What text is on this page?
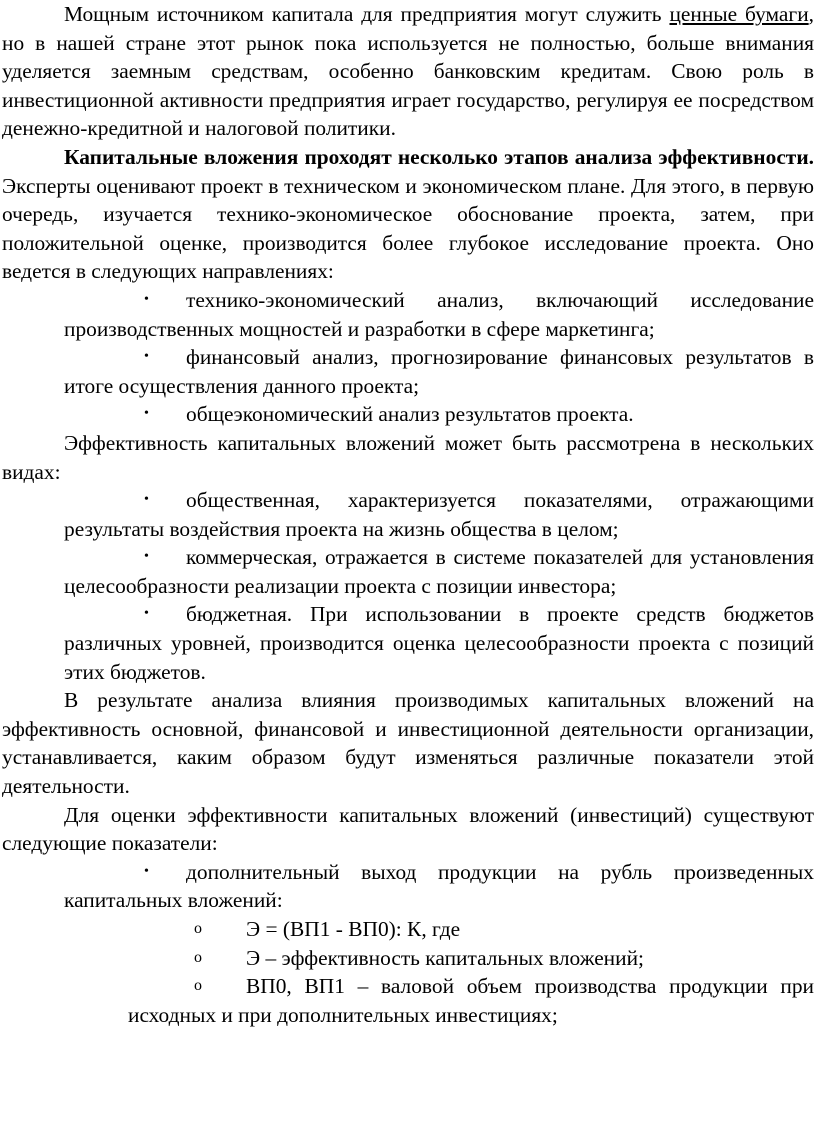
Мощным источником капитала для предприятия могут служить ценные бумаги, но в нашей стране этот рынок пока используется не полностью, больше внимания уделяется заемным средствам, особенно банковским кредитам. Свою роль в инвестиционной активности предприятия играет государство, регулируя ее посредством денежно-кредитной и налоговой политики.

Капитальные вложения проходят несколько этапов анализа эффективности. Эксперты оценивают проект в техническом и экономическом плане. Для этого, в первую очередь, изучается технико-экономическое обоснование проекта, затем, при положительной оценке, производится более глубокое исследование проекта. Оно ведется в следующих направлениях:

• технико-экономический анализ, включающий исследование производственных мощностей и разработки в сфере маркетинга;

• финансовый анализ, прогнозирование финансовых результатов в итоге осуществления данного проекта;

• общеэкономический анализ результатов проекта.

Эффективность капитальных вложений может быть рассмотрена в нескольких видах:

• общественная, характеризуется показателями, отражающими результаты воздействия проекта на жизнь общества в целом;

• коммерческая, отражается в системе показателей для установления целесообразности реализации проекта с позиции инвестора;

• бюджетная. При использовании в проекте средств бюджетов различных уровней, производится оценка целесообразности проекта с позиций этих бюджетов.

В результате анализа влияния производимых капитальных вложений на эффективность основной, финансовой и инвестиционной деятельности организации, устанавливается, каким образом будут изменяться различные показатели этой деятельности.

Для оценки эффективности капитальных вложений (инвестиций) существуют следующие показатели:

• дополнительный выход продукции на рубль произведенных капитальных вложений:

o Э = (ВП1 - ВП0): К, где

o Э – эффективность капитальных вложений;

o ВП0, ВП1 – валовой объем производства продукции при исходных и при дополнительных инвестициях;
